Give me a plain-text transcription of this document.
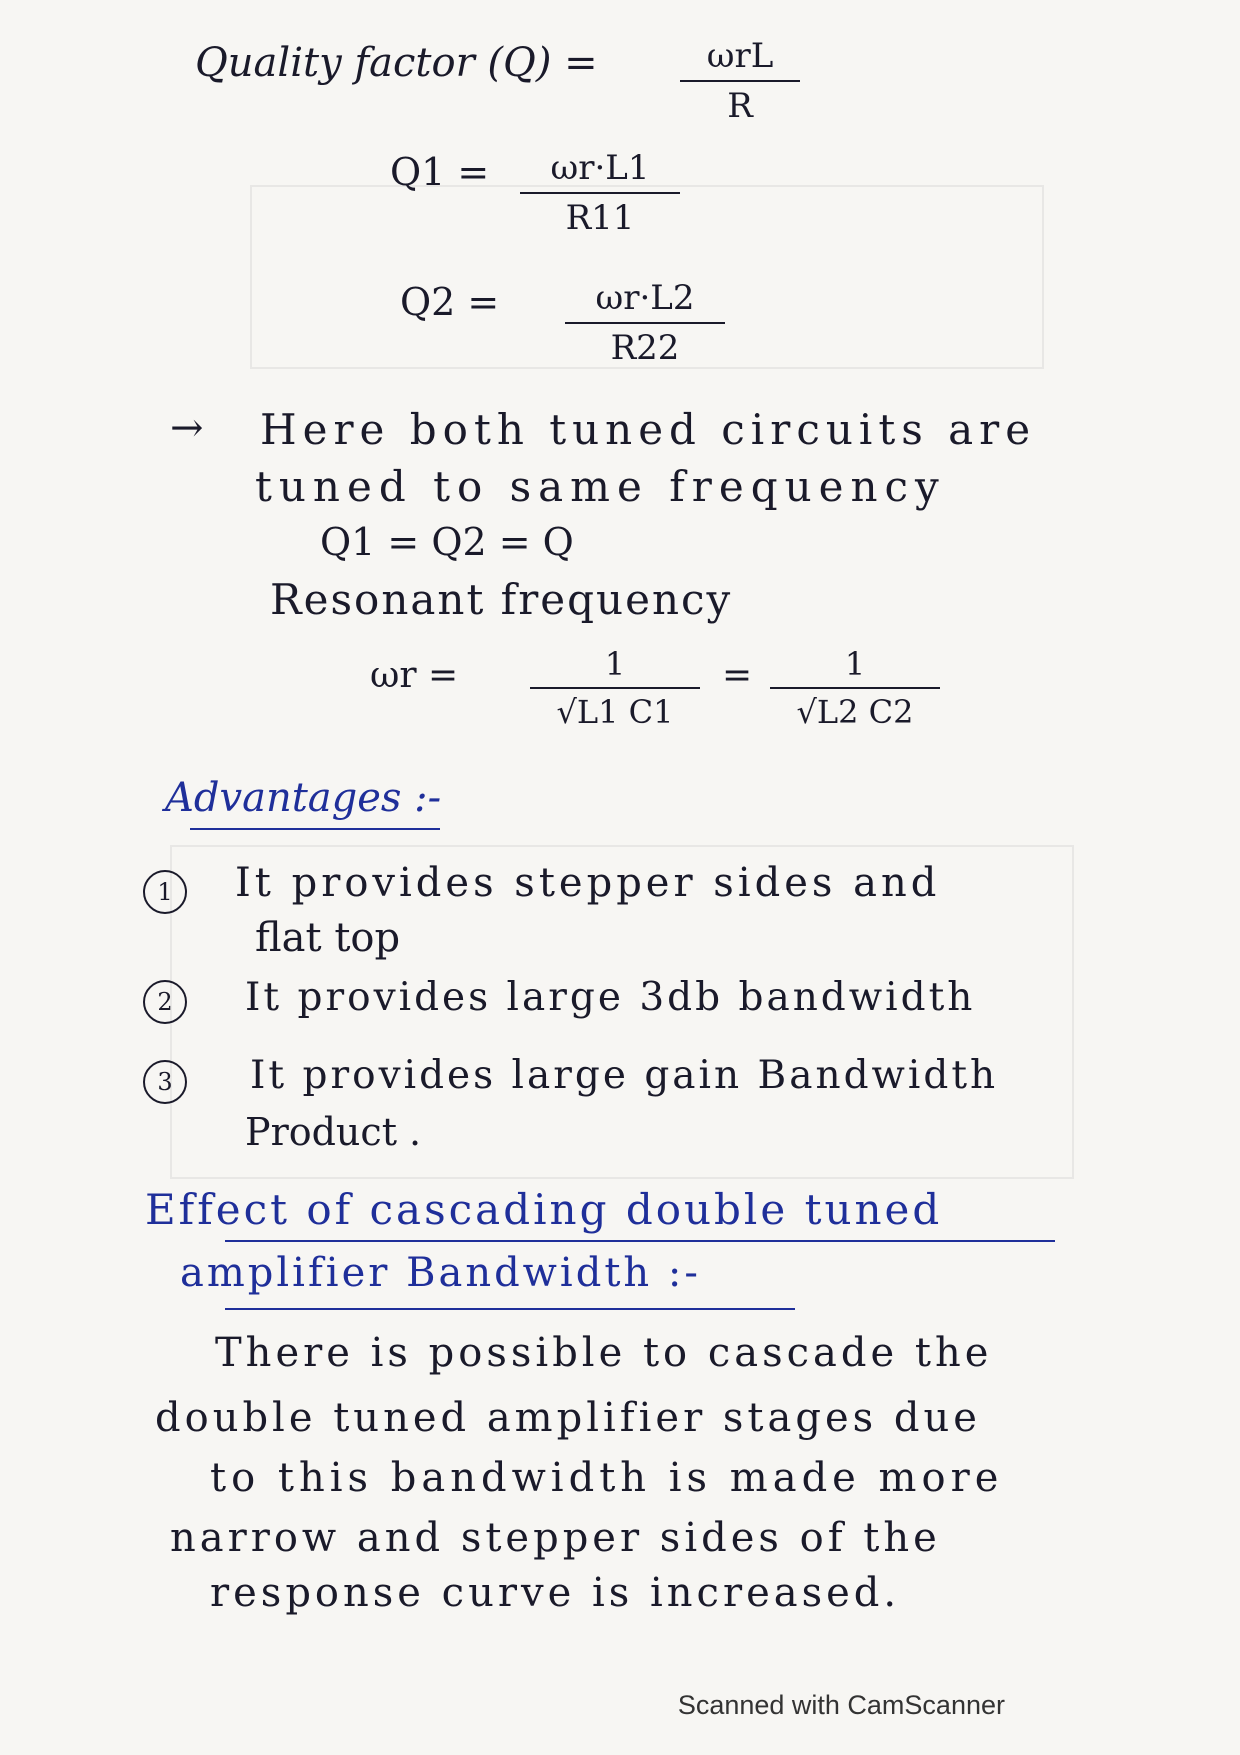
Quality factor (Q) =	ωrL
R
Q1 =	ωr·L1
R11
Q2 =	ωr·L2
R22
→ Here both tuned circuits are
tuned to same frequency
Q1 = Q2 = Q
Resonant frequency
ωr =	1
√L1 C1
=	1
√L2 C2
Advantages :-
1	It provides stepper sides and
flat top
2	It provides large 3db bandwidth
3	It provides large gain Bandwidth
Product .
Effect of cascading double tuned
amplifier Bandwidth :-
There is possible to cascade the
double tuned amplifier stages due
to this bandwidth is made more
narrow and stepper sides of the
response curve is increased.
Scanned with CamScanner
